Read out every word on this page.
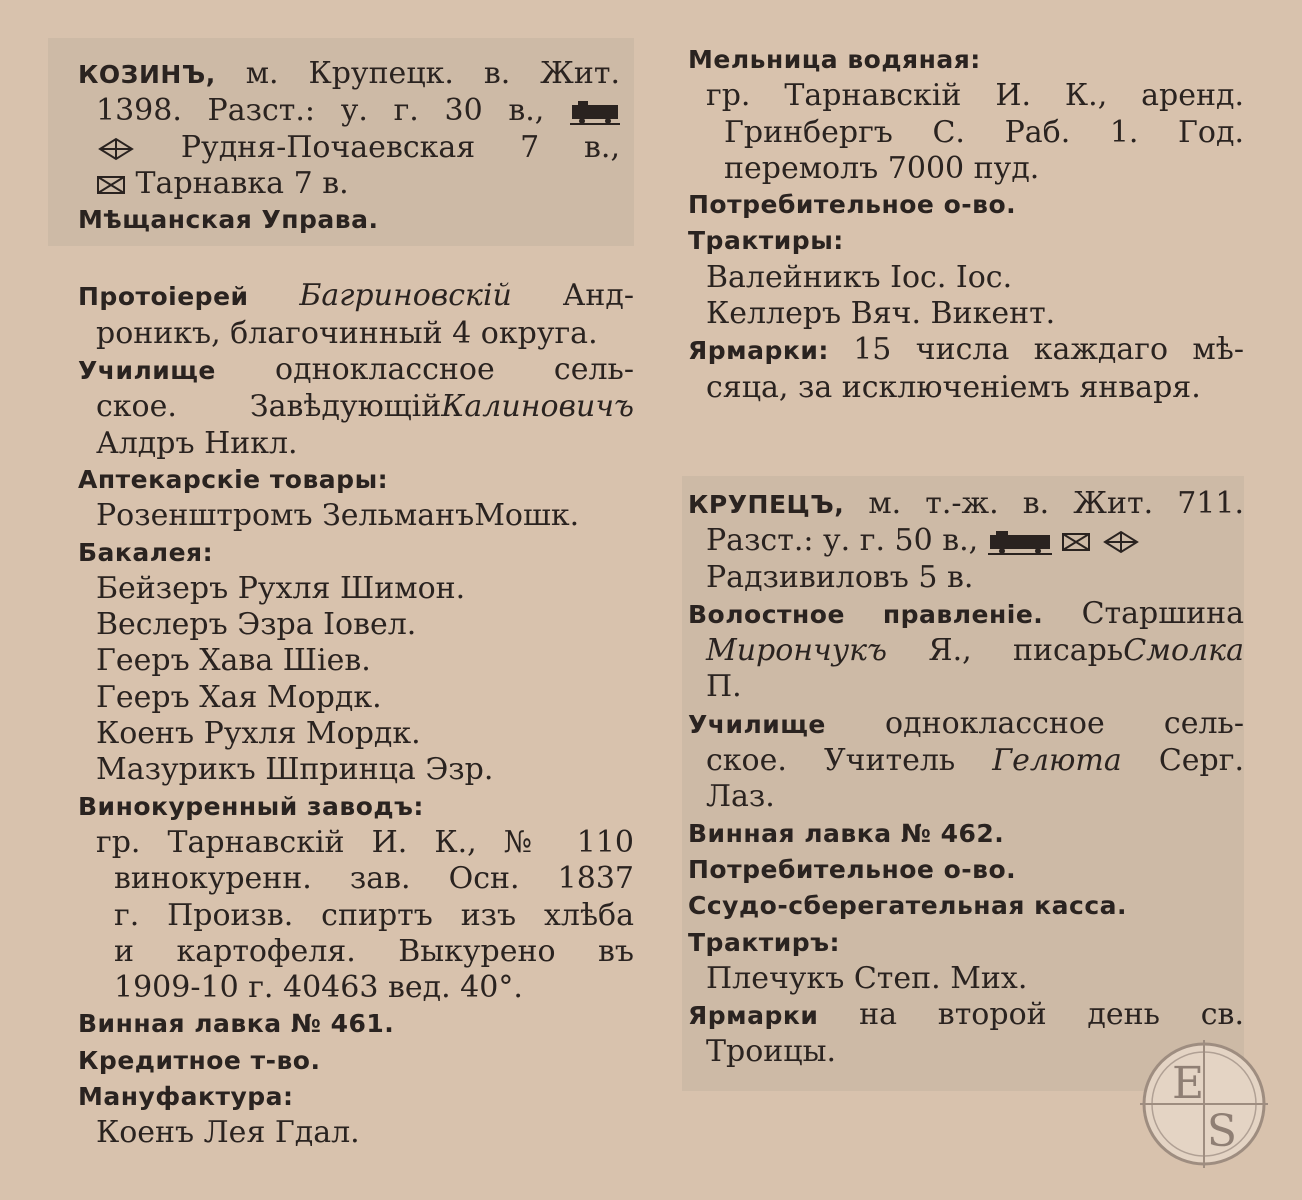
КОЗИНЪ, м. Крупецк. в. Жит.
1398. Разст.: у. г. 30 в.,
Рудня-Почаевская 7 в.,
Тарнавка 7 в.
Мѣщанская Управа.
Протоіерей Багриновскій Анд-
роникъ, благочинный 4 округа.
Училище одноклассное сель-
ское. ЗавѣдующійКалиновичъ
Алдръ Никл.
Аптекарскіе товары:
Розенштромъ ЗельманъМошк.
Бакалея:
Бейзеръ Рухля Шимон.
Веслеръ Эзра Іовел.
Геeръ Хава Шіев.
Геeръ Хая Мордк.
Коенъ Рухля Мордк.
Мазурикъ Шпринца Эзр.
Винокуренный заводъ:
гр. Тарнавскій И. К., № 110
винокуренн. зав. Осн. 1837
г. Произв. спиртъ изъ хлѣба
и картофеля. Выкурено въ
1909-10 г. 40463 вед. 40°.
Винная лавка № 461.
Кредитное т-во.
Мануфактура:
Коенъ Лея Гдал.
Мельница водяная:
гр. Тарнавскій И. К., аренд.
Гринбергъ С. Раб. 1. Год.
перемолъ 7000 пуд.
Потребительное о-во.
Трактиры:
Валейникъ Іос. Іос.
Келлеръ Вяч. Викент.
Ярмарки: 15 числа каждаго мѣ-
сяца, за исключеніемъ января.
КРУПЕЦЪ, м. т.-ж. в. Жит. 711.
Разст.: у. г. 50 в.,
Радзивиловъ 5 в.
Волостное правленіе. Старшина
Мирончукъ Я., писарьСмолка
П.
Училище одноклассное сель-
ское. Учитель Гелюта Серг.
Лаз.
Винная лавка № 462.
Потребительное о-во.
Ссудо-сберегательная касса.
Трактиръ:
Плечукъ Степ. Мих.
Ярмарки на второй день св.
Троицы.
E
S
